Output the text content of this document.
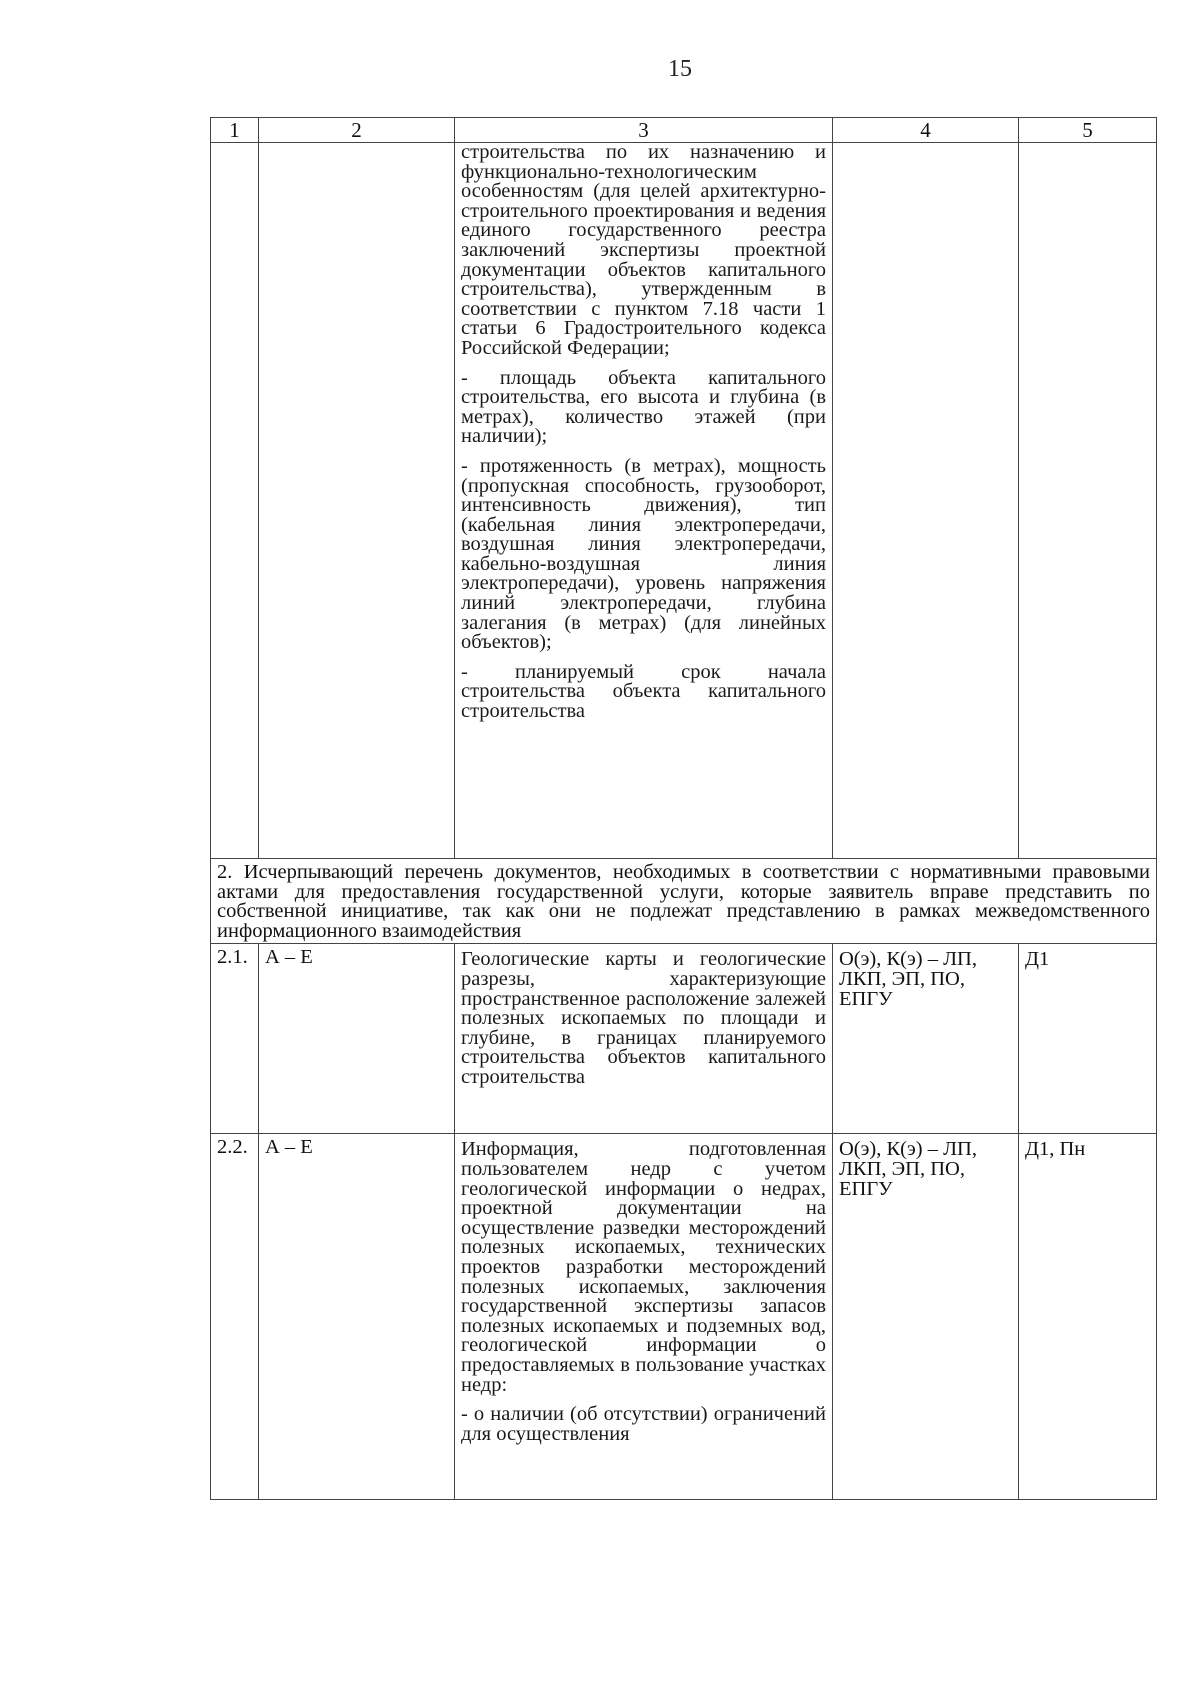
15
1	2	3	4	5

		строительства по их назначению и функционально-технологическим особенностям (для целей архитектурно-строительного проектирования и ведения единого государственного реестра заключений экспертизы проектной документации объектов капитального строительства), утвержденным в соответствии с пунктом 7.18 части 1 статьи 6 Градостроительного кодекса Российской Федерации;

- площадь объекта капитального строительства, его высота и глубина (в метрах), количество этажей (при наличии);

- протяженность (в метрах), мощность (пропускная способность, грузооборот, интенсивность движения), тип (кабельная линия электропередачи, воздушная линия электропередачи, кабельно-воздушная линия электропередачи), уровень напряжения линий электропередачи, глубина залегания (в метрах) (для линейных объектов);

- планируемый срок начала строительства объекта капитального строительства		

2. Исчерпывающий перечень документов, необходимых в соответствии с нормативными правовыми актами для предоставления государственной услуги, которые заявитель вправе представить по собственной инициативе, так как они не подлежат представлению в рамках межведомственного информационного взаимодействия				
2.1.	А – Е	Геологические карты и геологические разрезы, характеризующие пространственное расположение залежей полезных ископаемых по площади и глубине, в границах планируемого строительства объектов капитального строительства	О(э), К(э) – ЛП, ЛКП, ЭП, ПО, ЕПГУ	Д1
2.2.	А – Е	Информация, подготовленная пользователем недр с учетом геологической информации о недрах, проектной документации на осуществление разведки месторождений полезных ископаемых, технических проектов разработки месторождений полезных ископаемых, заключения государственной экспертизы запасов полезных ископаемых и подземных вод, геологической информации о предоставляемых в пользование участках недр:

- о наличии (об отсутствии) ограничений для осуществления	О(э), К(э) – ЛП, ЛКП, ЭП, ПО, ЕПГУ	Д1, Пн
